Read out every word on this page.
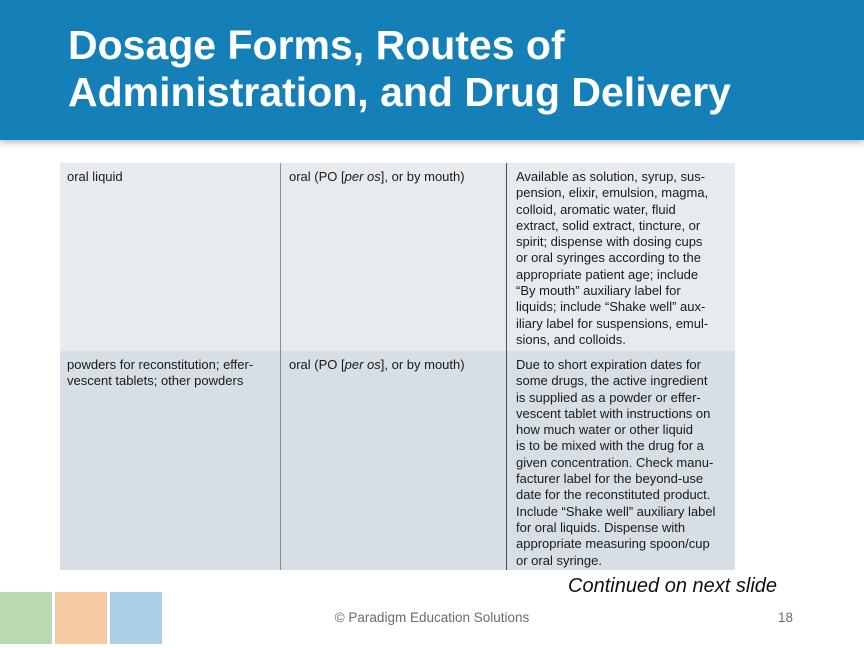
Dosage Forms, Routes of
Administration, and Drug Delivery
oral liquid	oral (PO [per os], or by mouth)	Available as solution, syrup, sus-
pension, elixir, emulsion, magma,
colloid, aromatic water, fluid
extract, solid extract, tincture, or
spirit; dispense with dosing cups
or oral syringes according to the
appropriate patient age; include
“By mouth” auxiliary label for
liquids; include “Shake well” aux-
iliary label for suspensions, emul-
sions, and colloids.
powders for reconstitution; effer-
vescent tablets; other powders
oral (PO [per os], or by mouth)	Due to short expiration dates for
some drugs, the active ingredient
is supplied as a powder or effer-
vescent tablet with instructions on
how much water or other liquid
is to be mixed with the drug for a
given concentration. Check manu-
facturer label for the beyond-use
date for the reconstituted product.
Include “Shake well” auxiliary label
for oral liquids. Dispense with
appropriate measuring spoon/cup
or oral syringe.
Continued on next slide
© Paradigm Education Solutions	18
